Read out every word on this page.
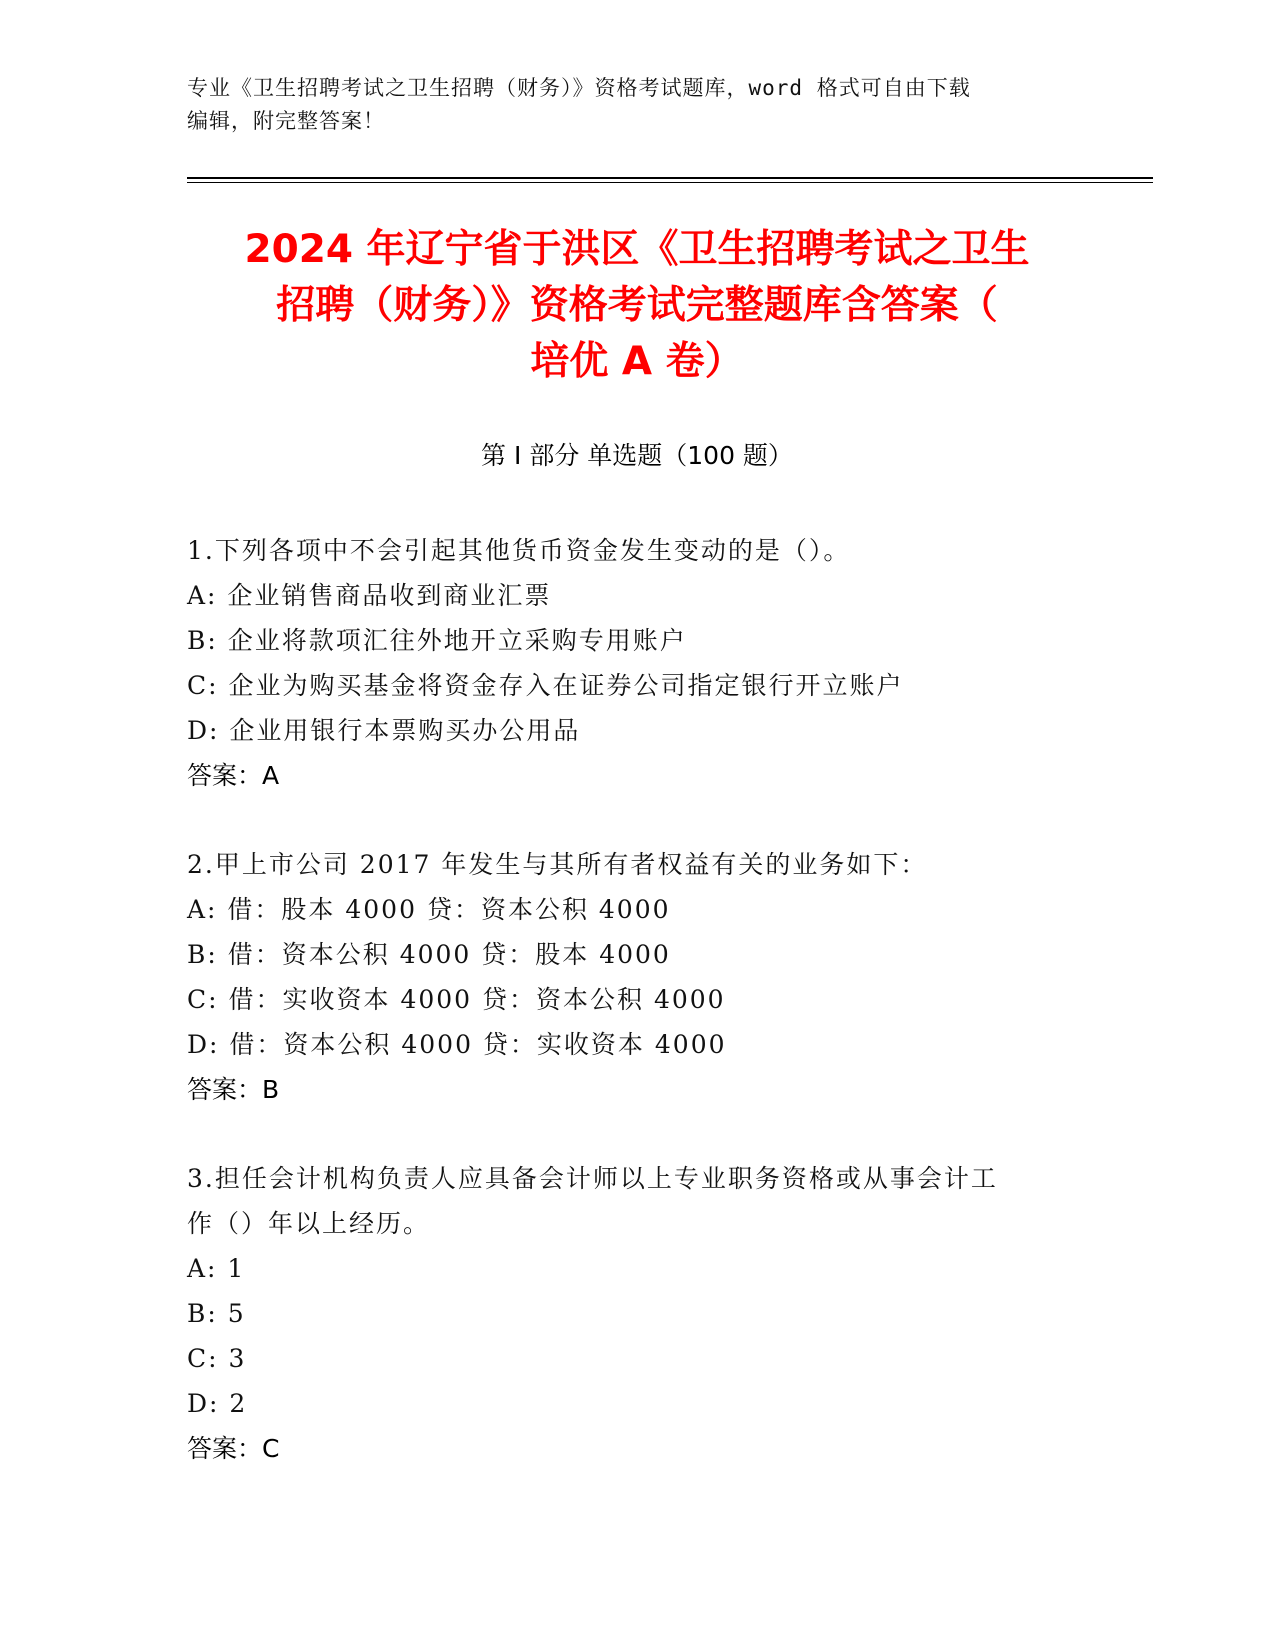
专业《卫生招聘考试之卫生招聘（财务）》资格考试题库，word 格式可自由下载
编辑，附完整答案！
2024 年辽宁省于洪区《卫生招聘考试之卫生
招聘（财务）》资格考试完整题库含答案（
培优 A 卷）
第 I 部分 单选题（100 题）
1.下列各项中不会引起其他货币资金发生变动的是（）。
A: 企业销售商品收到商业汇票
B: 企业将款项汇往外地开立采购专用账户
C: 企业为购买基金将资金存入在证券公司指定银行开立账户
D: 企业用银行本票购买办公用品
答案：A
2.甲上市公司 2017 年发生与其所有者权益有关的业务如下：
A: 借：股本 4000 贷：资本公积 4000
B: 借：资本公积 4000 贷：股本 4000
C: 借：实收资本 4000 贷：资本公积 4000
D: 借：资本公积 4000 贷：实收资本 4000
答案：B
3.担任会计机构负责人应具备会计师以上专业职务资格或从事会计工
作（）年以上经历。
A: 1
B: 5
C: 3
D: 2
答案：C
